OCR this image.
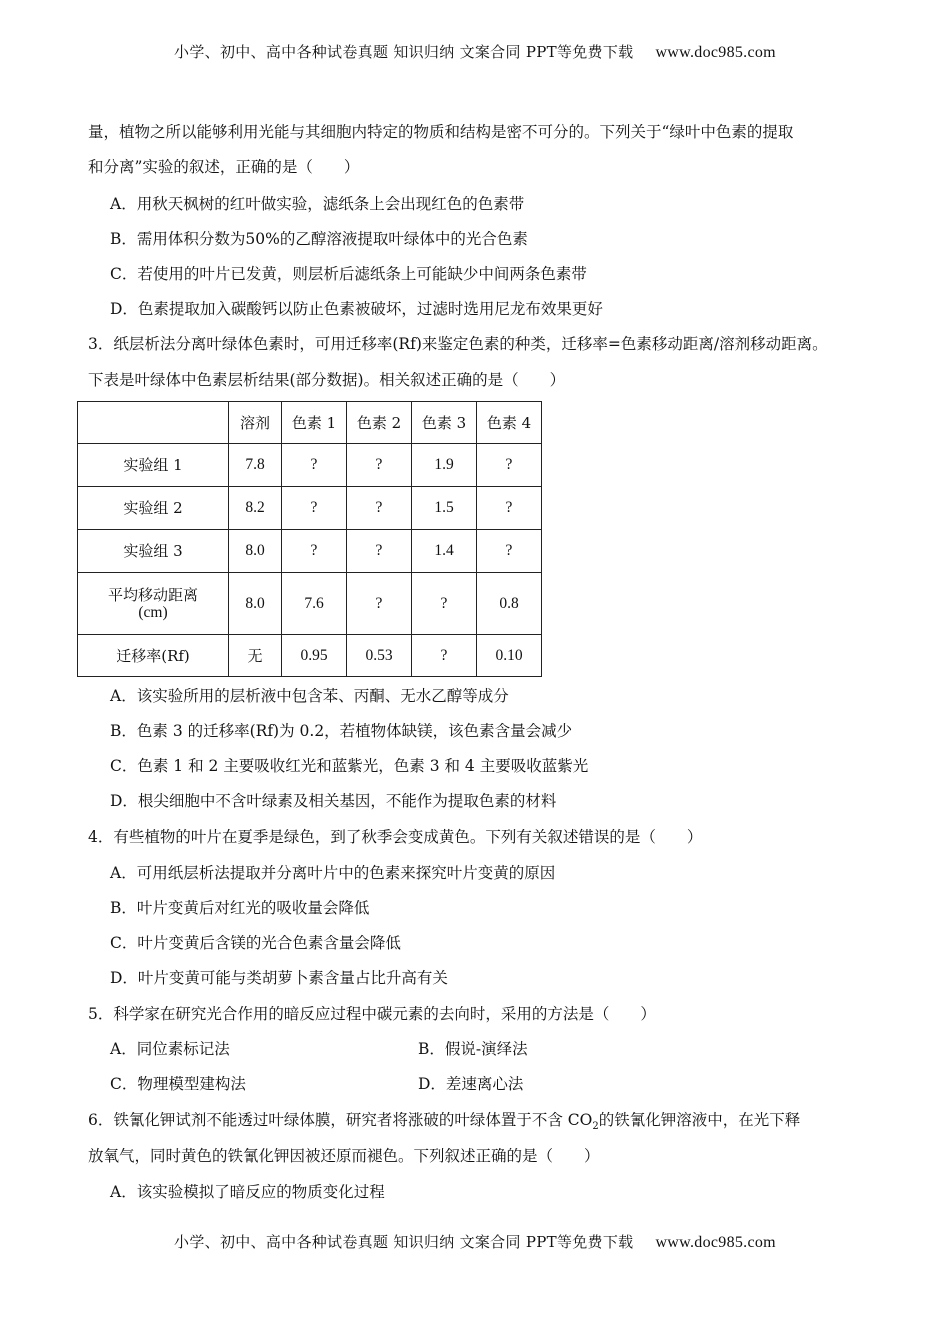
小学、初中、高中各种试卷真题 知识归纳 文案合同 PPT等免费下载 www.doc985.com
量，植物之所以能够利用光能与其细胞内特定的物质和结构是密不可分的。下列关于“绿叶中色素的提取
和分离”实验的叙述，正确的是（　　）
A．用秋天枫树的红叶做实验，滤纸条上会出现红色的色素带
B．需用体积分数为50%的乙醇溶液提取叶绿体中的光合色素
C．若使用的叶片已发黄，则层析后滤纸条上可能缺少中间两条色素带
D．色素提取加入碳酸钙以防止色素被破坏，过滤时选用尼龙布效果更好
3．纸层析法分离叶绿体色素时，可用迁移率(Rf)来鉴定色素的种类，迁移率=色素移动距离/溶剂移动距离。
下表是叶绿体中色素层析结果(部分数据)。相关叙述正确的是（　　）
	溶剂	色素 1	色素 2	色素 3	色素 4
实验组 1	7.8	?	?	1.9	?
实验组 2	8.2	?	?	1.5	?
实验组 3	8.0	?	?	1.4	?

平均移动距离
(cm)	8.0	7.6	?	?	0.8
迁移率(Rf)	无	0.95	0.53	?	0.10
A．该实验所用的层析液中包含苯、丙酮、无水乙醇等成分
B．色素 3 的迁移率(Rf)为 0.2，若植物体缺镁，该色素含量会减少
C．色素 1 和 2 主要吸收红光和蓝紫光，色素 3 和 4 主要吸收蓝紫光
D．根尖细胞中不含叶绿素及相关基因，不能作为提取色素的材料
4．有些植物的叶片在夏季是绿色，到了秋季会变成黄色。下列有关叙述错误的是（　　）
A．可用纸层析法提取并分离叶片中的色素来探究叶片变黄的原因
B．叶片变黄后对红光的吸收量会降低
C．叶片变黄后含镁的光合色素含量会降低
D．叶片变黄可能与类胡萝卜素含量占比升高有关
5．科学家在研究光合作用的暗反应过程中碳元素的去向时，采用的方法是（　　）
A．同位素标记法	B．假说-演绎法
C．物理模型建构法	D．差速离心法
6．铁氰化钾试剂不能透过叶绿体膜，研究者将涨破的叶绿体置于不含 $CO_2$的铁氰化钾溶液中，在光下释
放氧气，同时黄色的铁氰化钾因被还原而褪色。下列叙述正确的是（　　）
A．该实验模拟了暗反应的物质变化过程
小学、初中、高中各种试卷真题 知识归纳 文案合同 PPT等免费下载 www.doc985.com
